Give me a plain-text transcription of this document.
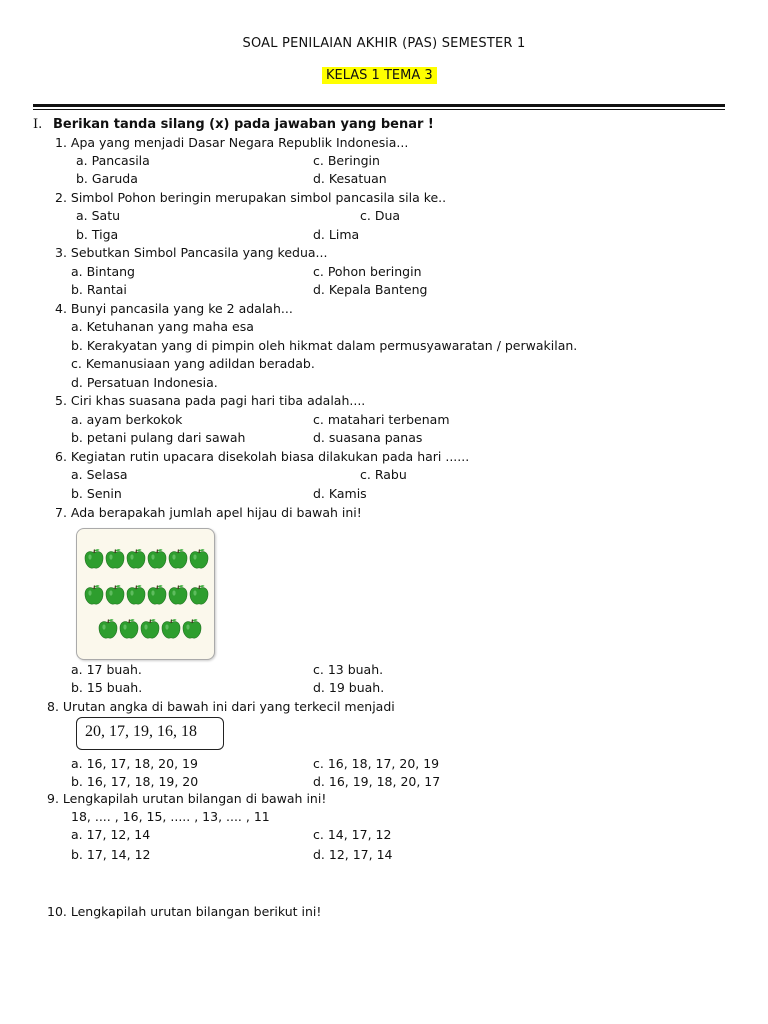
SOAL PENILAIAN AKHIR (PAS) SEMESTER 1
KELAS 1 TEMA 3
I. Berikan tanda silang (x) pada jawaban yang benar !
1. Apa yang menjadi Dasar Negara Republik Indonesia...
a. Pancasila	c. Beringin
b. Garuda	d. Kesatuan
2. Simbol Pohon beringin merupakan simbol pancasila sila ke..
a. Satu	c. Dua
b. Tiga	d. Lima
3. Sebutkan Simbol Pancasila yang kedua...
a. Bintang	c. Pohon beringin
b. Rantai	d. Kepala Banteng
4. Bunyi pancasila yang ke 2 adalah...
a. Ketuhanan yang maha esa
b. Kerakyatan yang di pimpin oleh hikmat dalam permusyawaratan / perwakilan.
c. Kemanusiaan yang adildan beradab.
d. Persatuan Indonesia.
5. Ciri khas suasana pada pagi hari tiba adalah....
a. ayam berkokok	c. matahari terbenam
b. petani pulang dari sawah	d. suasana panas
6. Kegiatan rutin upacara disekolah biasa dilakukan pada hari ......
a. Selasa	c. Rabu
b. Senin	d. Kamis
7. Ada berapakah jumlah apel hijau di bawah ini!
a. 17 buah.	c. 13 buah.
b. 15 buah.	d. 19 buah.
8. Urutan angka di bawah ini dari yang terkecil menjadi
20, 17, 19, 16, 18
a. 16, 17, 18, 20, 19	c. 16, 18, 17, 20, 19
b. 16, 17, 18, 19, 20	d. 16, 19, 18, 20, 17
9. Lengkapilah urutan bilangan di bawah ini!
18, .... , 16, 15, ..... , 13, .... , 11
a. 17, 12, 14	c. 14, 17, 12
b. 17, 14, 12	d. 12, 17, 14
10. Lengkapilah urutan bilangan berikut ini!
